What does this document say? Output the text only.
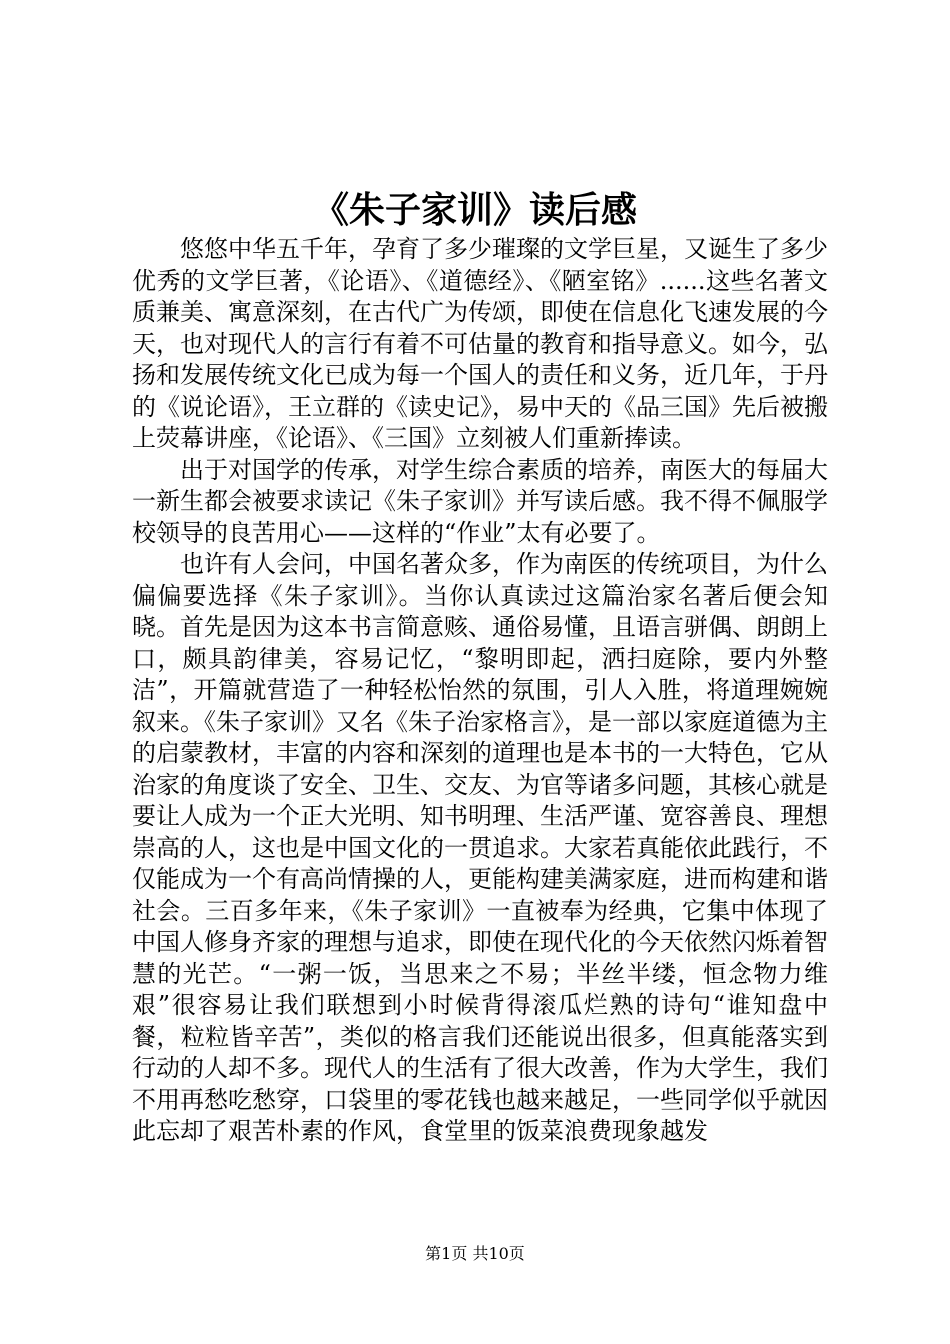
《朱子家训》读后感

悠悠中华五千年，孕育了多少璀璨的文学巨星，又诞生了多少优秀的文学巨著，《论语》、《道德经》、《陋室铭》......这些名著文质兼美、寓意深刻，在古代广为传颂，即使在信息化飞速发展的今天，也对现代人的言行有着不可估量的教育和指导意义。如今，弘扬和发展传统文化已成为每一个国人的责任和义务，近几年，于丹的《说论语》，王立群的《读史记》，易中天的《品三国》先后被搬上荧幕讲座，《论语》、《三国》立刻被人们重新捧读。

出于对国学的传承，对学生综合素质的培养，南医大的每届大一新生都会被要求读记《朱子家训》并写读后感。我不得不佩服学校领导的良苦用心——这样的“作业”太有必要了。

也许有人会问，中国名著众多，作为南医的传统项目，为什么偏偏要选择《朱子家训》。当你认真读过这篇治家名著后便会知晓。首先是因为这本书言简意赅、通俗易懂，且语言骈偶、朗朗上口，颇具韵律美，容易记忆，“黎明即起，洒扫庭除，要内外整洁”，开篇就营造了一种轻松怡然的氛围，引人入胜，将道理婉婉叙来。《朱子家训》又名《朱子治家格言》，是一部以家庭道德为主的启蒙教材，丰富的内容和深刻的道理也是本书的一大特色，它从治家的角度谈了安全、卫生、交友、为官等诸多问题，其核心就是要让人成为一个正大光明、知书明理、生活严谨、宽容善良、理想崇高的人，这也是中国文化的一贯追求。大家若真能依此践行，不仅能成为一个有高尚情操的人，更能构建美满家庭，进而构建和谐社会。三百多年来，《朱子家训》一直被奉为经典，它集中体现了中国人修身齐家的理想与追求，即使在现代化的今天依然闪烁着智慧的光芒。“一粥一饭，当思来之不易；半丝半缕，恒念物力维艰”很容易让我们联想到小时候背得滚瓜烂熟的诗句“谁知盘中餐，粒粒皆辛苦”，类似的格言我们还能说出很多，但真能落实到行动的人却不多。现代人的生活有了很大改善，作为大学生，我们不用再愁吃愁穿，口袋里的零花钱也越来越足，一些同学似乎就因此忘却了艰苦朴素的作风，食堂里的饭菜浪费现象越发

第1页 共10页
